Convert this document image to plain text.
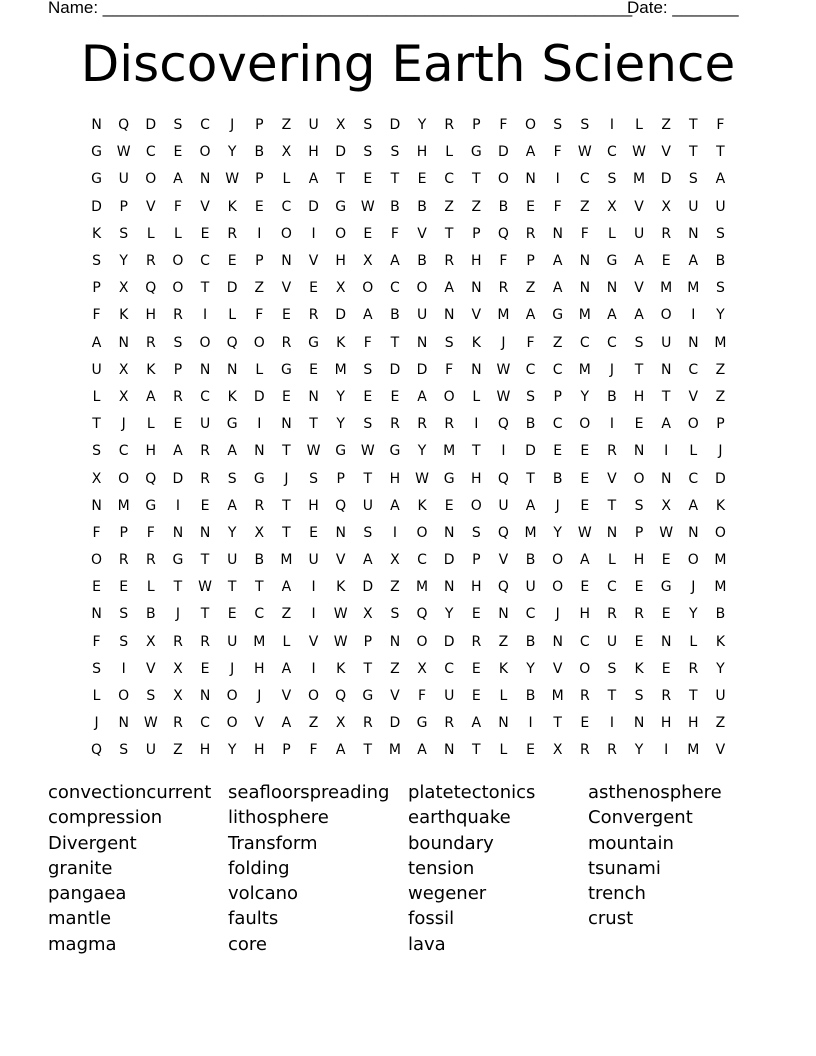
Name: ________________________________________________________
Date: _______
Discovering Earth Science
N	Q	D	S	C	J	P	Z	U	X	S	D	Y	R	P	F	O	S	S	I	L	Z	T	F
G	W	C	E	O	Y	B	X	H	D	S	S	H	L	G	D	A	F	W	C	W	V	T	T
G	U	O	A	N	W	P	L	A	T	E	T	E	C	T	O	N	I	C	S	M	D	S	A
D	P	V	F	V	K	E	C	D	G	W	B	B	Z	Z	B	E	F	Z	X	V	X	U	U
K	S	L	L	E	R	I	O	I	O	E	F	V	T	P	Q	R	N	F	L	U	R	N	S
S	Y	R	O	C	E	P	N	V	H	X	A	B	R	H	F	P	A	N	G	A	E	A	B
P	X	Q	O	T	D	Z	V	E	X	O	C	O	A	N	R	Z	A	N	N	V	M	M	S
F	K	H	R	I	L	F	E	R	D	A	B	U	N	V	M	A	G	M	A	A	O	I	Y
A	N	R	S	O	Q	O	R	G	K	F	T	N	S	K	J	F	Z	C	C	S	U	N	M
U	X	K	P	N	N	L	G	E	M	S	D	D	F	N	W	C	C	M	J	T	N	C	Z
L	X	A	R	C	K	D	E	N	Y	E	E	A	O	L	W	S	P	Y	B	H	T	V	Z
T	J	L	E	U	G	I	N	T	Y	S	R	R	R	I	Q	B	C	O	I	E	A	O	P
S	C	H	A	R	A	N	T	W	G	W	G	Y	M	T	I	D	E	E	R	N	I	L	J
X	O	Q	D	R	S	G	J	S	P	T	H	W	G	H	Q	T	B	E	V	O	N	C	D
N	M	G	I	E	A	R	T	H	Q	U	A	K	E	O	U	A	J	E	T	S	X	A	K
F	P	F	N	N	Y	X	T	E	N	S	I	O	N	S	Q	M	Y	W	N	P	W	N	O
O	R	R	G	T	U	B	M	U	V	A	X	C	D	P	V	B	O	A	L	H	E	O	M
E	E	L	T	W	T	T	A	I	K	D	Z	M	N	H	Q	U	O	E	C	E	G	J	M
N	S	B	J	T	E	C	Z	I	W	X	S	Q	Y	E	N	C	J	H	R	R	E	Y	B
F	S	X	R	R	U	M	L	V	W	P	N	O	D	R	Z	B	N	C	U	E	N	L	K
S	I	V	X	E	J	H	A	I	K	T	Z	X	C	E	K	Y	V	O	S	K	E	R	Y
L	O	S	X	N	O	J	V	O	Q	G	V	F	U	E	L	B	M	R	T	S	R	T	U
J	N	W	R	C	O	V	A	Z	X	R	D	G	R	A	N	I	T	E	I	N	H	H	Z
Q	S	U	Z	H	Y	H	P	F	A	T	M	A	N	T	L	E	X	R	R	Y	I	M	V
convectioncurrent
compression
Divergent
granite
pangaea
mantle
magma
seafloorspreading
lithosphere
Transform
folding
volcano
faults
core
platetectonics
earthquake
boundary
tension
wegener
fossil
lava
asthenosphere
Convergent
mountain
tsunami
trench
crust
